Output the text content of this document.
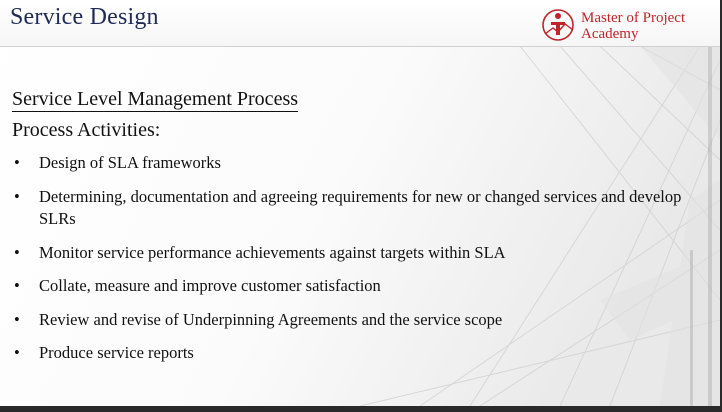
Service Design	Master of Project
Academy
Service Level Management Process
Process Activities:
• Design of SLA frameworks
• Determining, documentation and agreeing requirements for new or changed services and develop SLRs
• Monitor service performance achievements against targets within SLA
• Collate, measure and improve customer satisfaction
• Review and revise of Underpinning Agreements and the service scope
• Produce service reports
